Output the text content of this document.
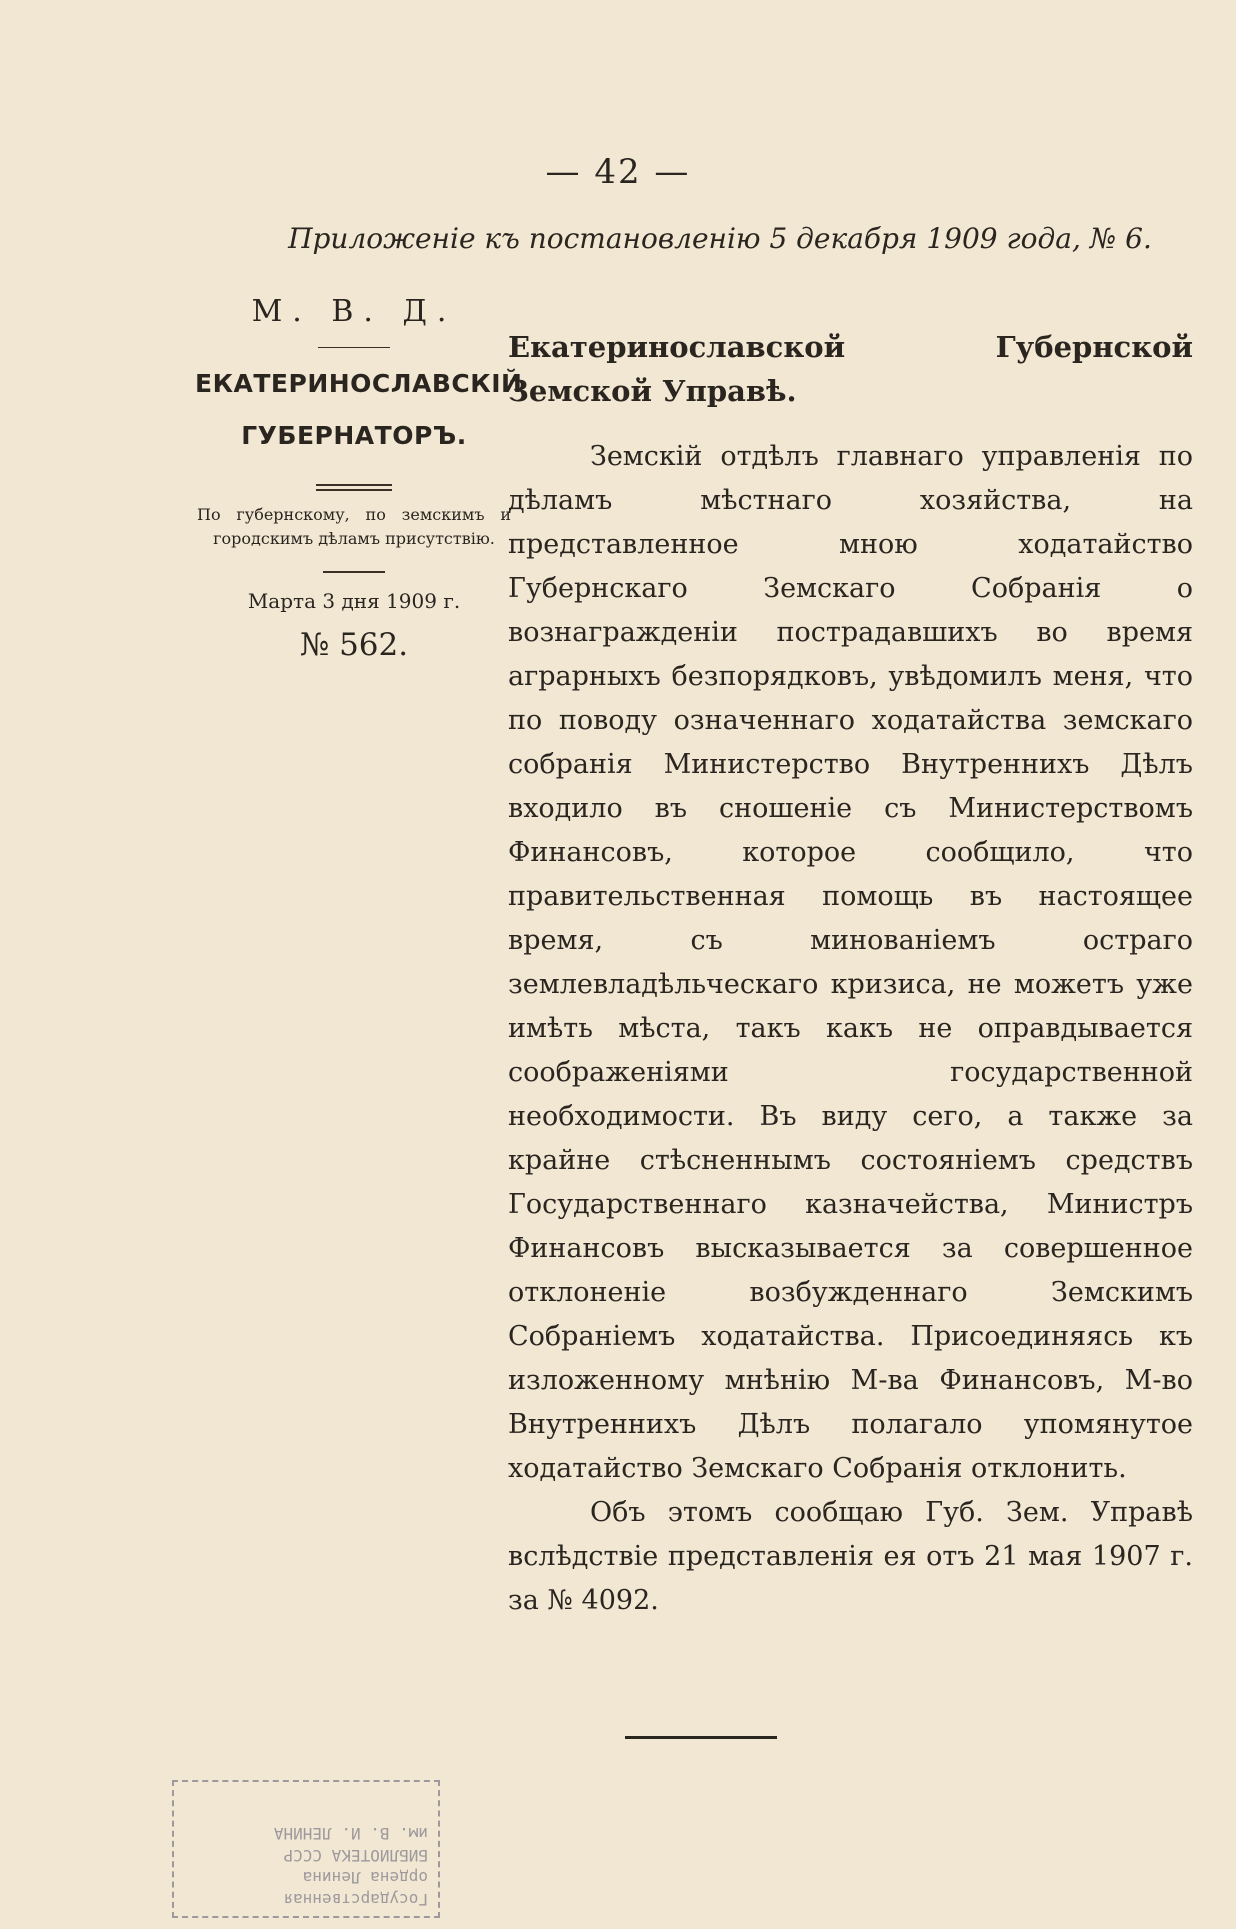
— 42 —
Приложеніе къ постановленію 5 декабря 1909 года, № 6.
М. В. Д.
ЕКАТЕРИНОСЛАВСКІЙ
ГУБЕРНАТОРЪ.
По губернскому, по земскимъ и городскимъ дѣламъ присутствію.
Марта 3 дня 1909 г.
№ 562.
Екатеринославской Губернской Земской Управѣ.

Земскій отдѣлъ главнаго управленія по дѣламъ мѣстнаго хозяйства, на представленное мною ходатайство Губернскаго Земскаго Собранія о вознагражденіи пострадавшихъ во время аграрныхъ безпорядковъ, увѣдомилъ меня, что по поводу означеннаго ходатайства земскаго собранія Министерство Внутреннихъ Дѣлъ входило въ сношеніе съ Министерствомъ Финансовъ, которое сообщило, что правительственная помощь въ настоящее время, съ минованіемъ остраго землевладѣльческаго кризиса, не можетъ уже имѣть мѣста, такъ какъ не оправдывается соображеніями государственной необходимости. Въ виду сего, а также за крайне стѣсненнымъ состояніемъ средствъ Государственнаго казначейства, Министръ Финансовъ высказывается за совершенное отклоненіе возбужденнаго Земскимъ Собраніемъ ходатайства. Присоединяясь къ изложенному мнѣнію М-ва Финансовъ, М-во Внутреннихъ Дѣлъ полагало упомянутое ходатайство Земскаго Собранія отклонить.

Объ этомъ сообщаю Губ. Зем. Управѣ вслѣдствіе представленія ея отъ 21 мая 1907 г. за № 4092.

Государственная
ордена Ленина
БИБЛИОТЕКА СССР
им. В. И. ЛЕНИНА
